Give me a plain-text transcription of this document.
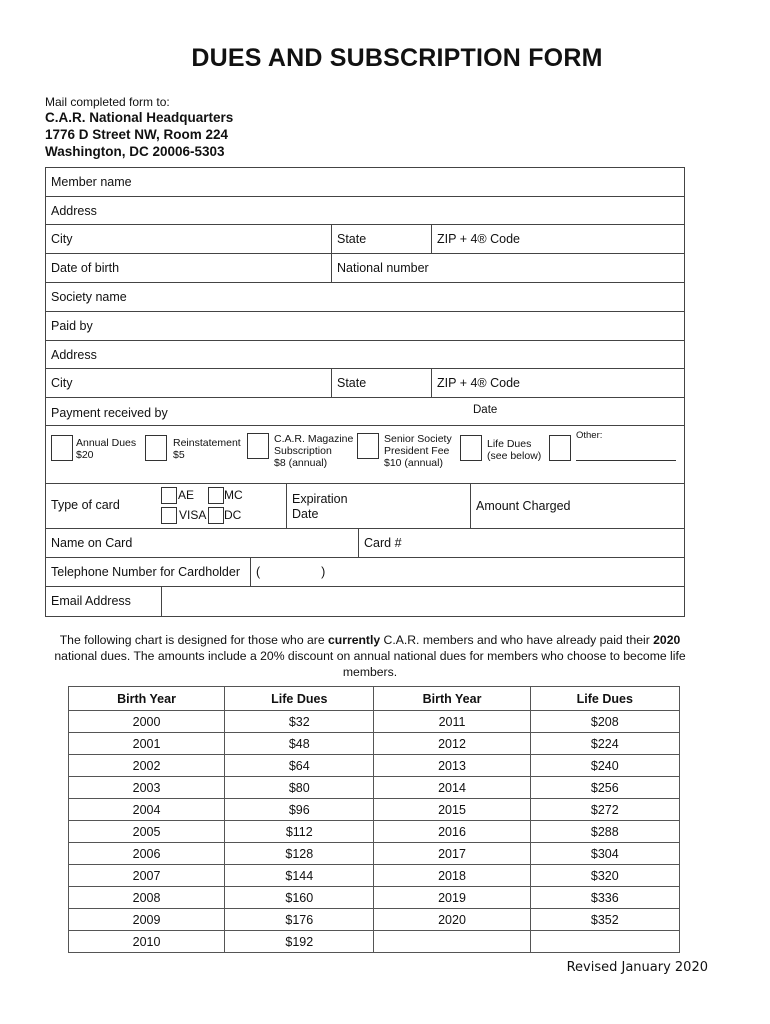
DUES AND SUBSCRIPTION FORM
Mail completed form to:
C.A.R. National Headquarters
1776 D Street NW, Room 224
Washington, DC 20006-5303
Member name
Address
City	State	ZIP + 4® Code
Date of birth	National number
Society name
Paid by
Address
City	State	ZIP + 4® Code
Payment received by	Date
Annual Dues
$20
Reinstatement
$5
C.A.R. Magazine
Subscription
$8 (annual)
Senior Society
President Fee
$10 (annual)
Life Dues
(see below)
Other:
Type of card
AE MC
VISA DC
Expiration
Date
Amount Charged
Name on Card	Card #
Telephone Number for Cardholder	(	)
Email Address
The following chart is designed for those who are currently C.A.R. members and who have already paid their 2020 national dues. The amounts include a 20% discount on annual national dues for members who choose to become life members.
Birth Year	Life Dues	Birth Year	Life Dues
2000	$32	2011	$208
2001	$48	2012	$224
2002	$64	2013	$240
2003	$80	2014	$256
2004	$96	2015	$272
2005	$112	2016	$288
2006	$128	2017	$304
2007	$144	2018	$320
2008	$160	2019	$336
2009	$176	2020	$352
2010	$192		
Revised January 2020
